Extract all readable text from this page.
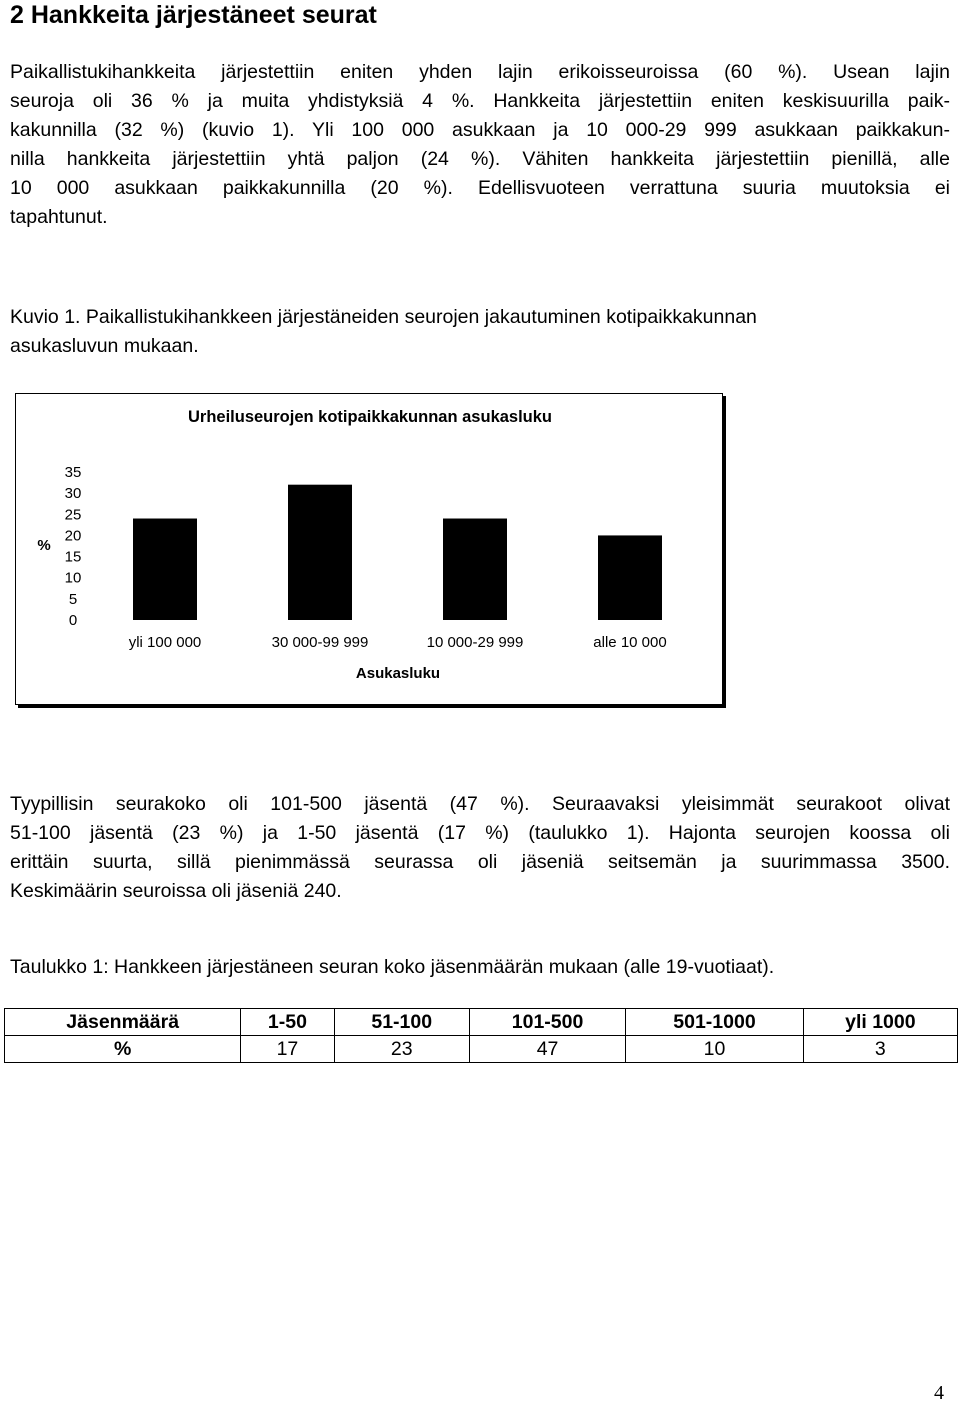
2 Hankkeita järjestäneet seurat
Paikallistukihankkeita järjestettiin eniten yhden lajin erikoisseuroissa (60 %). Usean lajin
seuroja oli 36 % ja muita yhdistyksiä 4 %. Hankkeita järjestettiin eniten keskisuurilla paik-
kakunnilla (32 %) (kuvio 1). Yli 100 000 asukkaan ja 10 000-29 999 asukkaan paikkakun-
nilla hankkeita järjestettiin yhtä paljon (24 %). Vähiten hankkeita järjestettiin pienillä, alle
10 000 asukkaan paikkakunnilla (20 %). Edellisvuoteen verrattuna suuria muutoksia ei
tapahtunut.
Kuvio 1. Paikallistukihankkeen järjestäneiden seurojen jakautuminen kotipaikkakunnan
asukasluvun mukaan.
Urheiluseurojen kotipaikkakunnan asukasluku
%
Asukasluku
35
30
25
20
15
10
5
0
yli 100 000	30 000-99 999	10 000-29 999	alle 10 000
Tyypillisin seurakoko oli 101-500 jäsentä (47 %). Seuraavaksi yleisimmät seurakoot olivat
51-100 jäsentä (23 %) ja 1-50 jäsentä (17 %) (taulukko 1). Hajonta seurojen koossa oli
erittäin suurta, sillä pienimmässä seurassa oli jäseniä seitsemän ja suurimmassa 3500.
Keskimäärin seuroissa oli jäseniä 240.
Taulukko 1: Hankkeen järjestäneen seuran koko jäsenmäärän mukaan (alle 19-vuotiaat).
Jäsenmäärä	1-50	51-100	101-500	501-1000	yli 1000
%	17	23	47	10	3
4
